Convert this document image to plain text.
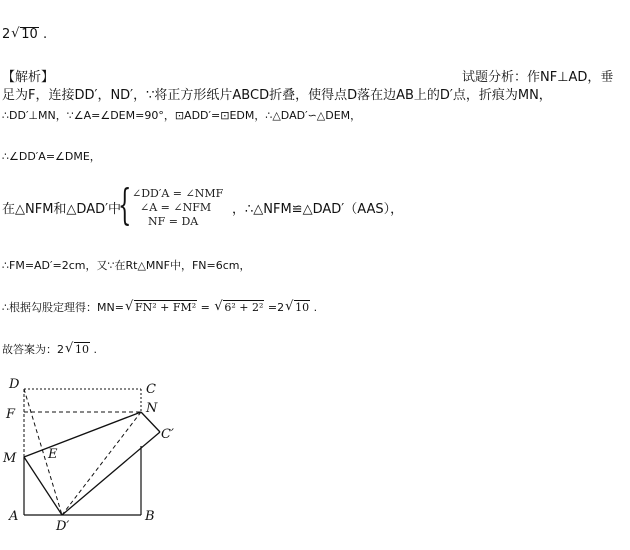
2 √ 10 .
【解析】	试题分析：作NF⊥AD，垂
足为F，连接DD′，ND′，∵将正方形纸片ABCD折叠，使得点D落在边AB上的D′点，折痕为MN，
∴DD′⊥MN，∵∠A=∠DEM=90°，⊡ADD′=⊡EDM，∴△DAD′∽△DEM，
∴∠DD′A=∠DME，
在△NFM和△DAD′中
{ ∠DD′A = ∠NMF
∠A = ∠NFM
NF = DA
，∴△NFM≌△DAD′（AAS），
∴FM=AD′=2cm，又∵在Rt△MNF中，FN=6cm，
∴根据勾股定理得：MN= √ FN² + FM² = √ 6² + 2² =2 √ 10 .
故答案为：2 √ 10 .
D	C
F	N
M E
C′
A
D′
B
